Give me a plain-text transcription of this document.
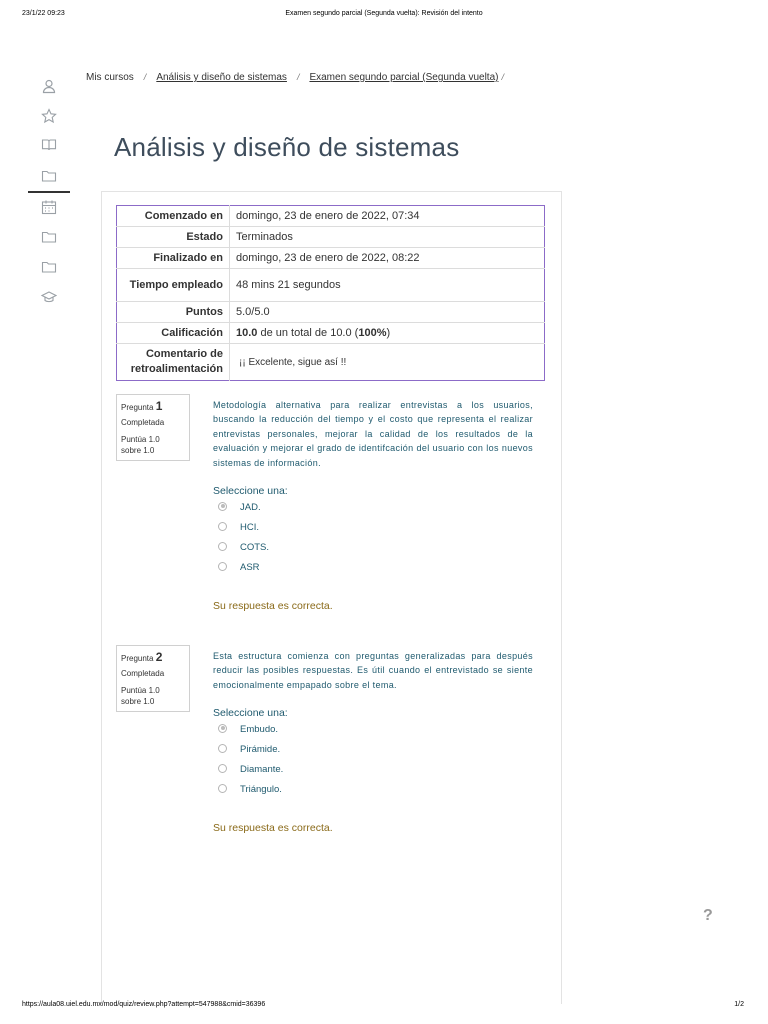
23/1/22 09:23	Examen segundo parcial (Segunda vuelta): Revisión del intento
Mis cursos / Análisis y diseño de sistemas / Examen segundo parcial (Segunda vuelta) /
Análisis y diseño de sistemas
Comenzado en	domingo, 23 de enero de 2022, 07:34
Estado	Terminados
Finalizado en	domingo, 23 de enero de 2022, 08:22
Tiempo empleado	48 mins 21 segundos
Puntos	5.0/5.0
Calificación	10.0 de un total de 10.0 (100%)
Comentario de retroalimentación	¡¡ Excelente, sigue así !!
Pregunta 1
Completada
Puntúa 1.0 sobre 1.0
Metodología alternativa para realizar entrevistas a los usuarios, buscando la reducción del tiempo y el costo que representa el realizar entrevistas personales, mejorar la calidad de los resultados de la evaluación y mejorar el grado de identifcación del usuario con los nuevos sistemas de información.
Seleccione una:
JAD.
HCI.
COTS.
ASR
Su respuesta es correcta.
Pregunta 2
Completada
Puntúa 1.0 sobre 1.0
Esta estructura comienza con preguntas generalizadas para después reducir las posibles respuestas. Es útil cuando el entrevistado se siente emocionalmente empapado sobre el tema.
Seleccione una:
Embudo.
Pirámide.
Diamante.
Triángulo.
Su respuesta es correcta.
?
https://aula08.uiel.edu.mx/mod/quiz/review.php?attempt=547988&cmid=36396	1/2
